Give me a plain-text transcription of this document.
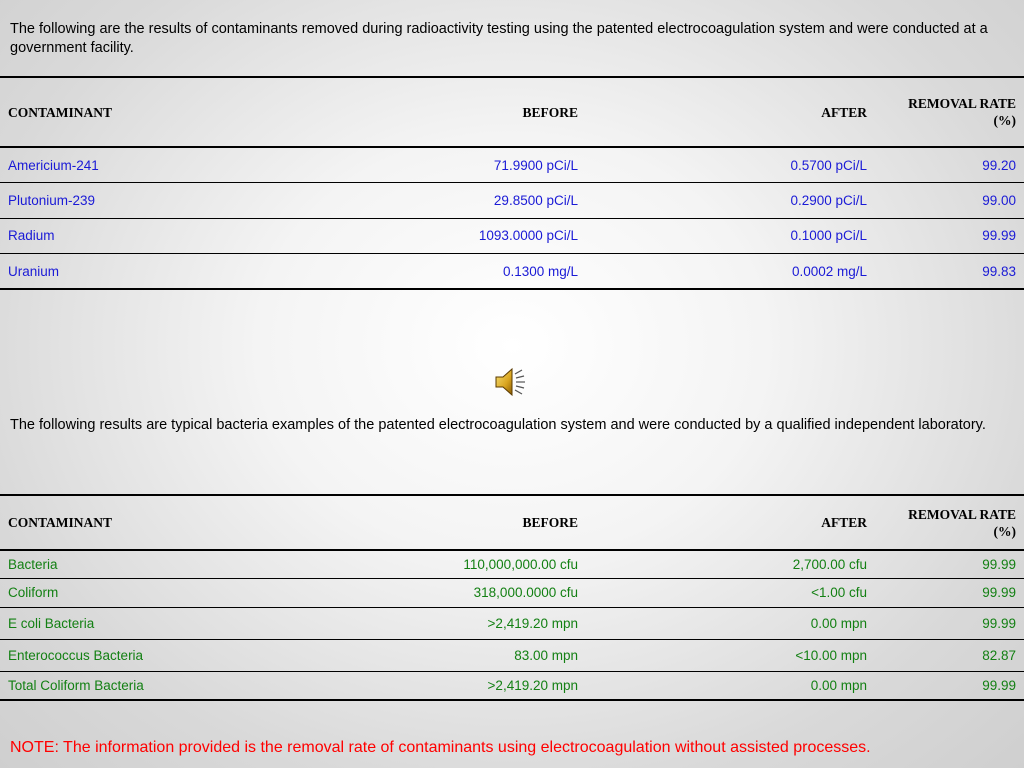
The following are the results of contaminants removed during radioactivity testing using the patented electrocoagulation system and were conducted at a government facility.
CONTAMINANT	BEFORE	AFTER	REMOVAL RATE
(%)
Americium-241	71.9900 pCi/L	0.5700 pCi/L	99.20
Plutonium-239	29.8500 pCi/L	0.2900 pCi/L	99.00
Radium	1093.0000 pCi/L	0.1000 pCi/L	99.99
Uranium	0.1300 mg/L	0.0002 mg/L	99.83
The following results are typical bacteria examples of the patented electrocoagulation system and were conducted by a qualified independent laboratory.
CONTAMINANT	BEFORE	AFTER	REMOVAL RATE
(%)
Bacteria	110,000,000.00 cfu	2,700.00 cfu	99.99
Coliform	318,000.0000 cfu	<1.00 cfu	99.99
E coli Bacteria	>2,419.20 mpn	0.00 mpn	99.99
Enterococcus Bacteria	83.00 mpn	<10.00 mpn	82.87
Total Coliform Bacteria	>2,419.20 mpn	0.00 mpn	99.99
NOTE: The information provided is the removal rate of contaminants using electrocoagulation without assisted processes.
